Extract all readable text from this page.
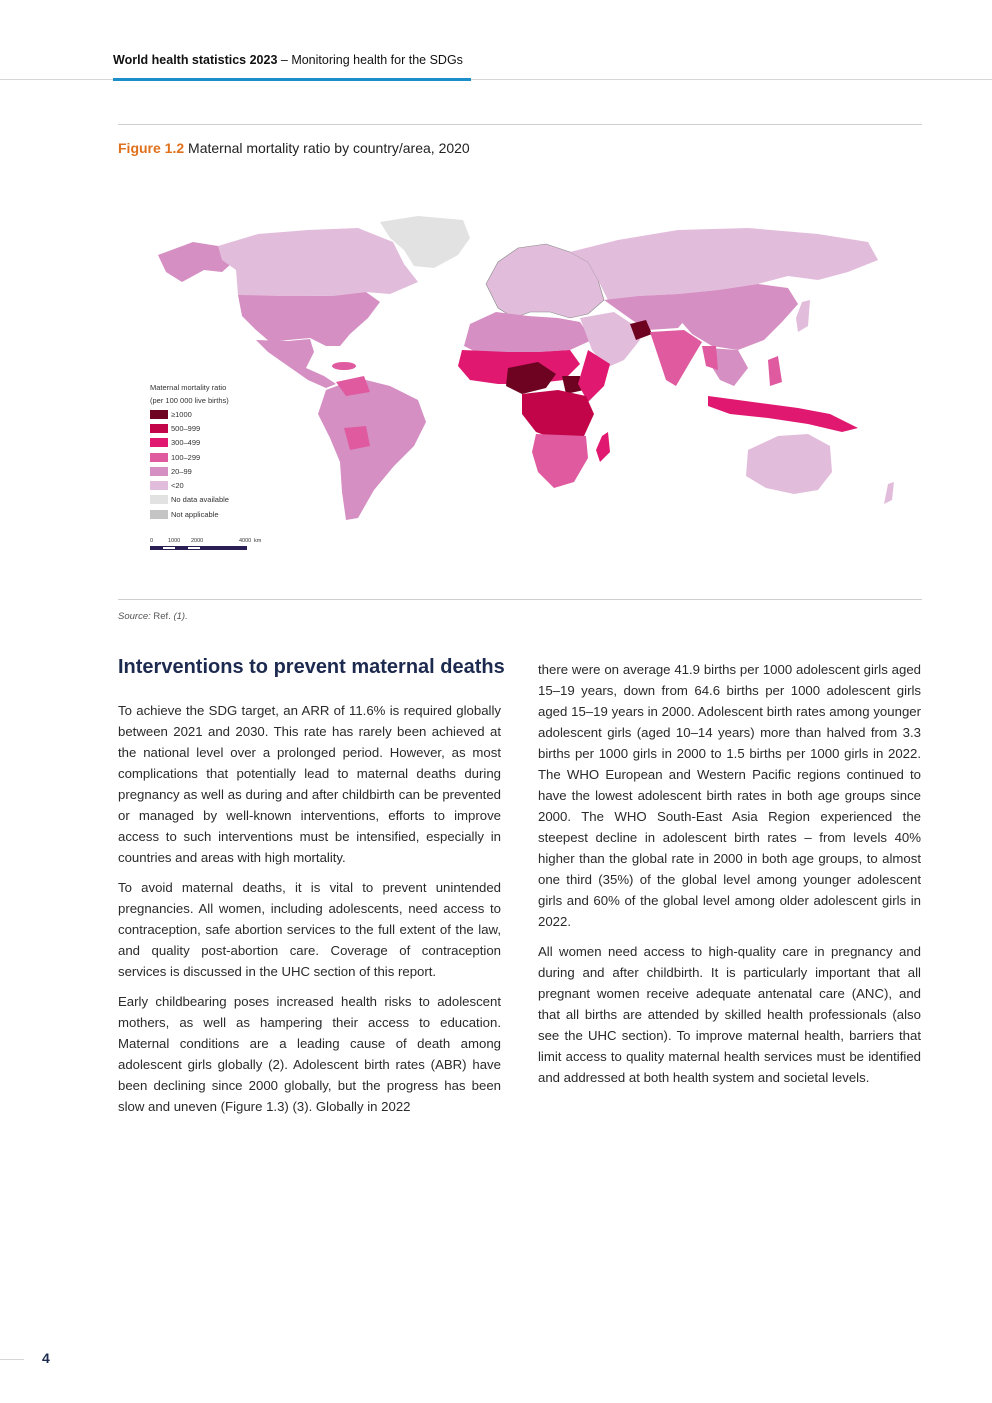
World health statistics 2023 – Monitoring health for the SDGs
Figure 1.2 Maternal mortality ratio by country/area, 2020
Maternal mortality ratio
(per 100 000 live births)
≥1000
500–999
300–499
100–299
20–99
<20
No data available
Not applicable
0	1000 2000	4000 km
Source: Ref. (1).
Interventions to prevent maternal deaths

To achieve the SDG target, an ARR of 11.6% is required globally between 2021 and 2030. This rate has rarely been achieved at the national level over a prolonged period. However, as most complications that potentially lead to maternal deaths during pregnancy as well as during and after childbirth can be prevented or managed by well-known interventions, efforts to improve access to such interventions must be intensified, especially in countries and areas with high mortality.

To avoid maternal deaths, it is vital to prevent unintended pregnancies. All women, including adolescents, need access to contraception, safe abortion services to the full extent of the law, and quality post-abortion care. Coverage of contraception services is discussed in the UHC section of this report.

Early childbearing poses increased health risks to adolescent mothers, as well as hampering their access to education. Maternal conditions are a leading cause of death among adolescent girls globally (2). Adolescent birth rates (ABR) have been declining since 2000 globally, but the progress has been slow and uneven (Figure 1.3) (3). Globally in 2022

there were on average 41.9 births per 1000 adolescent girls aged 15–19 years, down from 64.6 births per 1000 adolescent girls aged 15–19 years in 2000. Adolescent birth rates among younger adolescent girls (aged 10–14 years) more than halved from 3.3 births per 1000 girls in 2000 to 1.5 births per 1000 girls in 2022. The WHO European and Western Pacific regions continued to have the lowest adolescent birth rates in both age groups since 2000. The WHO South-East Asia Region experienced the steepest decline in adolescent birth rates – from levels 40% higher than the global rate in 2000 in both age groups, to almost one third (35%) of the global level among younger adolescent girls and 60% of the global level among older adolescent girls in 2022.

All women need access to high-quality care in pregnancy and during and after childbirth. It is particularly important that all pregnant women receive adequate antenatal care (ANC), and that all births are attended by skilled health professionals (also see the UHC section). To improve maternal health, barriers that limit access to quality maternal health services must be identified and addressed at both health system and societal levels.

4
